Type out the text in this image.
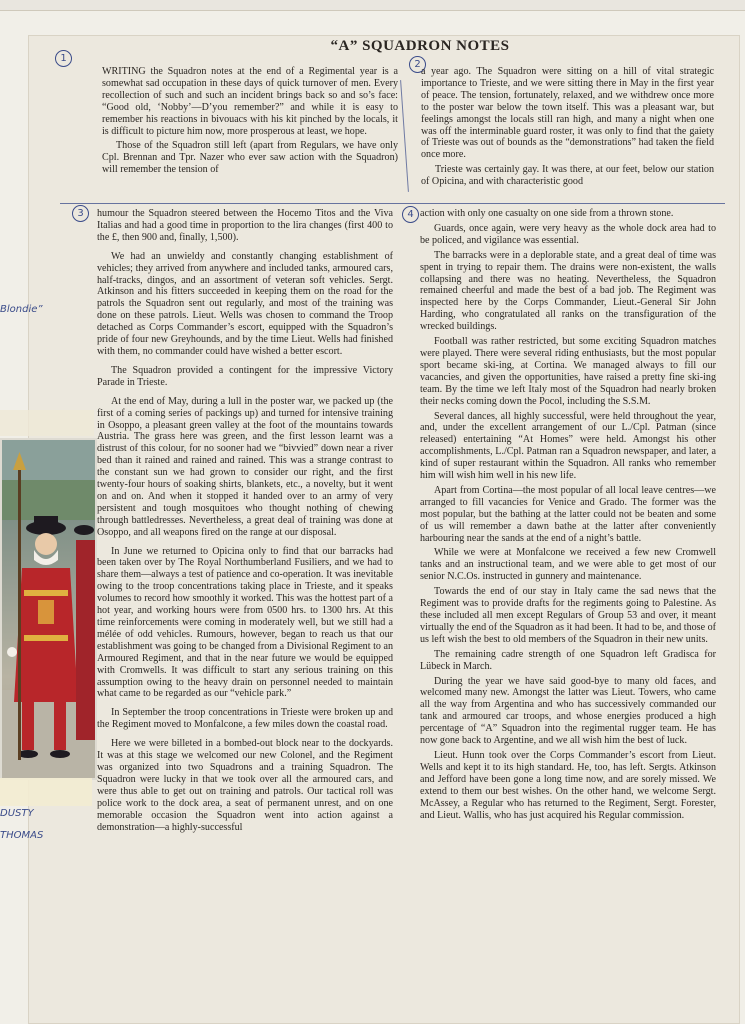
“A” SQUADRON NOTES
1
2
3	4
Blondie”

WRITING the Squadron notes at the end of a Regimental year is a somewhat sad occupation in these days of quick turnover of men. Every recollection of such and such an incident brings back so and so’s face: “Good old, ‘Nobby’—D’you remember?” and while it is easy to remember his reactions in bivouacs with his kit pinched by the locals, it is difficult to picture him now, more prosperous at least, we hope.

Those of the Squadron still left (apart from Regulars, we have only Cpl. Brennan and Tpr. Nazer who ever saw action with the Squadron) will remember the tension of

a year ago. The Squadron were sitting on a hill of vital strategic importance to Trieste, and we were sitting there in May in the first year of peace. The tension, fortunately, relaxed, and we withdrew once more to the poster war below the town itself. This was a pleasant war, but feelings amongst the locals still ran high, and many a night when one was off the interminable guard roster, it was only to find that the gaiety of Trieste was out of bounds as the “demonstrations” had taken the field once more.

Trieste was certainly gay. It was there, at our feet, below our station of Opicina, and with characteristic good

humour the Squadron steered between the Hocemo Titos and the Viva Italias and had a good time in proportion to the lira changes (first 400 to the £, then 900 and, finally, 1,500).

We had an unwieldy and constantly changing establishment of vehicles; they arrived from anywhere and included tanks, armoured cars, half-tracks, dingos, and an assortment of veteran soft vehicles. Sergt. Atkinson and his fitters succeeded in keeping them on the road for the patrols the Squadron sent out regularly, and most of the training was done on these patrols. Lieut. Wells was chosen to command the Troop detached as Corps Commander’s escort, equipped with the Squadron’s pride of four new Greyhounds, and by the time Lieut. Wells had finished with them, no commander could have wished a better escort.

The Squadron provided a contingent for the impressive Victory Parade in Trieste.

At the end of May, during a lull in the poster war, we packed up (the first of a coming series of packings up) and turned for intensive training in Osoppo, a pleasant green valley at the foot of the mountains towards Austria. The grass here was green, and the first lesson learnt was a distrust of this colour, for no sooner had we “bivvied” down near a river bed than it rained and rained and rained. This was a strange contrast to the constant sun we had grown to consider our right, and the first twenty-four hours of soaking shirts, blankets, etc., a novelty, but it went on and on. And when it stopped it handed over to an army of very persistent and tough mosquitoes who thought nothing of chewing through battledresses. Nevertheless, a great deal of training was done at Osoppo, and all weapons fired on the range at our disposal.

In June we returned to Opicina only to find that our barracks had been taken over by The Royal Northumberland Fusiliers, and we had to share them—always a test of patience and co-operation. It was inevitable owing to the troop concentrations taking place in Trieste, and it speaks volumes to record how smoothly it worked. This was the hottest part of a hot year, and working hours were from 0500 hrs. to 1300 hrs. At this time reinforcements were coming in moderately well, but we still had a mélée of odd vehicles. Rumours, however, began to reach us that our establishment was going to be changed from a Divisional Regiment to an Armoured Regiment, and that in the near future we would be equipped with Cromwells. It was difficult to start any serious training on this assumption owing to the heavy drain on personnel needed to maintain what came to be regarded as our “vehicle park.”

In September the troop concentrations in Trieste were broken up and the Regiment moved to Monfalcone, a few miles down the coastal road.

Here we were billeted in a bombed-out block near to the dockyards. It was at this stage we welcomed our new Colonel, and the Regiment was organized into two Squadrons and a training Squadron. The Squadron were lucky in that we took over all the armoured cars, and were thus able to get out on training and patrols. Our tactical roll was police work to the dock area, a seat of permanent unrest, and on one memorable occasion the Squadron went into action against a demonstration—a highly-successful

action with only one casualty on one side from a thrown stone.

Guards, once again, were very heavy as the whole dock area had to be policed, and vigilance was essential.

The barracks were in a deplorable state, and a great deal of time was spent in trying to repair them. The drains were non-existent, the walls collapsing and there was no heating. Nevertheless, the Squadron remained cheerful and made the best of a bad job. The Regiment was inspected here by the Corps Commander, Lieut.-General Sir John Harding, who congratulated all ranks on the transfiguration of the wrecked buildings.

Football was rather restricted, but some exciting Squadron matches were played. There were several riding enthusiasts, but the most popular sport became ski-ing, at Cortina. We managed always to fill our vacancies, and given the opportunities, have raised a pretty fine ski-ing team. By the time we left Italy most of the Squadron had nearly broken their necks coming down the Pocol, including the S.S.M.

Several dances, all highly successful, were held throughout the year, and, under the excellent arrangement of our L./Cpl. Patman (since released) entertaining “At Homes” were held. Amongst his other accomplishments, L./Cpl. Patman ran a Squadron newspaper, and later, a kind of super restaurant within the Squadron. All ranks who remember him will wish him well in his new life.

Apart from Cortina—the most popular of all local leave centres—we arranged to fill vacancies for Venice and Grado. The former was the most popular, but the bathing at the latter could not be beaten and some of us will remember a dawn bathe at the latter after conveniently harbouring near the sands at the end of a night’s battle.

While we were at Monfalcone we received a few new Cromwell tanks and an instructional team, and we were able to get most of our senior N.C.Os. instructed in gunnery and maintenance.

Towards the end of our stay in Italy came the sad news that the Regiment was to provide drafts for the regiments going to Palestine. As these included all men except Regulars of Group 53 and over, it meant virtually the end of the Squadron as it had been. It had to be, and those of us left wish the best to old members of the Squadron in their new units.

The remaining cadre strength of one Squadron left Gradisca for Lübeck in March.

During the year we have said good-bye to many old faces, and welcomed many new. Amongst the latter was Lieut. Towers, who came all the way from Argentina and who has successively commanded our tank and armoured car troops, and whose energies produced a high percentage of “A” Squadron into the regimental rugger team. He has now gone back to Argentine, and we all wish him the best of luck.

Lieut. Hunn took over the Corps Commander’s escort from Lieut. Wells and kept it to its high standard. He, too, has left. Sergts. Atkinson and Jefford have been gone a long time now, and are sorely missed. We extend to them our best wishes. On the other hand, we welcome Sergt. McAssey, a Regular who has returned to the Regiment, Sergt. Forester, and Lieut. Wallis, who has just acquired his Regular commission.

DUSTY
THOMAS
